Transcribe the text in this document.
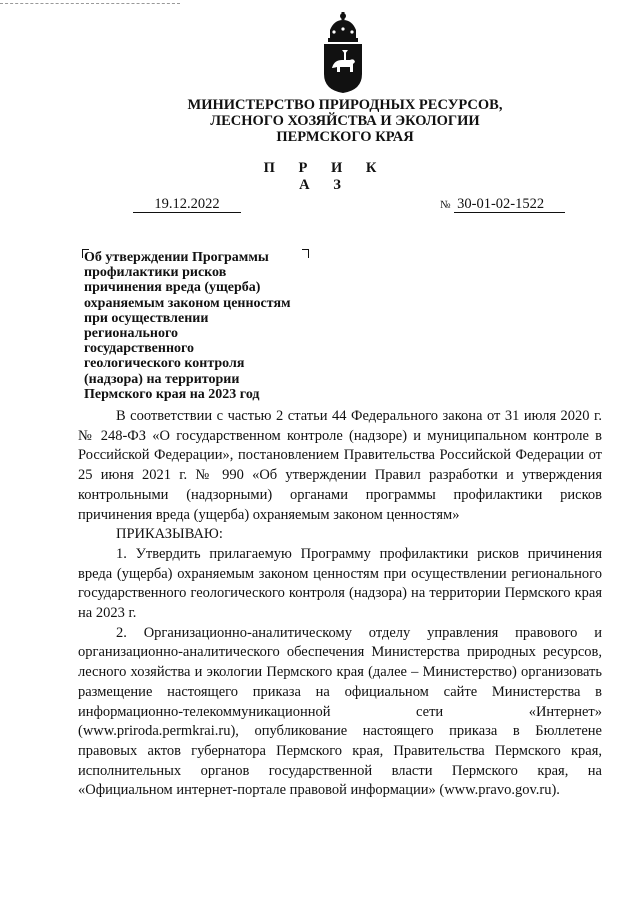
МИНИСТЕРСТВО ПРИРОДНЫХ РЕСУРСОВ,
ЛЕСНОГО ХОЗЯЙСТВА И ЭКОЛОГИИ
ПЕРМСКОГО КРАЯ
П Р И К А З
19.12.2022	№ 30-01-02-1522
Об утверждении Программы
профилактики рисков
причинения вреда (ущерба)
охраняемым законом ценностям
при осуществлении
регионального
государственного
геологического контроля
(надзора) на территории
Пермского края на 2023 год

В соответствии с частью 2 статьи 44 Федерального закона от 31 июля 2020 г. № 248-ФЗ «О государственном контроле (надзоре) и муниципальном контроле в Российской Федерации», постановлением Правительства Российской Федерации от 25 июня 2021 г. № 990 «Об утверждении Правил разработки и утверждения контрольными (надзорными) органами программы профилактики рисков причинения вреда (ущерба) охраняемым законом ценностям»

ПРИКАЗЫВАЮ:

1. Утвердить прилагаемую Программу профилактики рисков причинения вреда (ущерба) охраняемым законом ценностям при осуществлении регионального государственного геологического контроля (надзора) на территории Пермского края на 2023 г.

2. Организационно-аналитическому отделу управления правового и организационно-аналитического обеспечения Министерства природных ресурсов, лесного хозяйства и экологии Пермского края (далее – Министерство) организовать размещение настоящего приказа на официальном сайте Министерства в информационно-телекоммуникационной сети «Интернет» (www.priroda.permkrai.ru), опубликование настоящего приказа в Бюллетене правовых актов губернатора Пермского края, Правительства Пермского края, исполнительных органов государственной власти Пермского края, на «Официальном интернет-портале правовой информации» (www.pravo.gov.ru).
